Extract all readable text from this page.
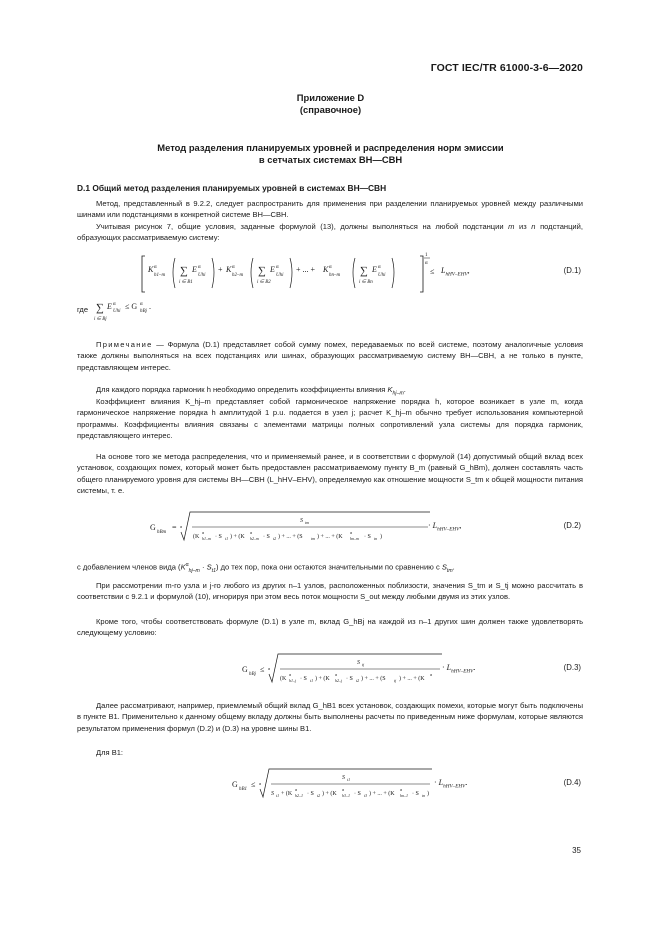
ГОСТ IEC/TR 61000-3-6—2020
Приложение D
(справочное)
Метод разделения планируемых уровней и распределения норм эмиссии
в сетчатых системах ВН—СВН
D.1 Общий метод разделения планируемых уровней в системах ВН—СВН
Метод, представленный в 9.2.2, следует распространить для применения при разделении планируемых уровней между различными шинами или подстанциями в конкретной системе ВН—СВН.
Учитывая рисунок 7, общие условия, заданные формулой (13), должны выполняться на любой подстанции m из n подстанций, образующих рассматриваемую систему:
K α
h1–m ∑
i ∈ B1
E α
Uhi
+ K α
h2–m ∑
i ∈ B2
E α
Uhi
+ ... + K α
hn–m ∑
i ∈ Bn
E α
Uhi
1
α
≤ $L_{hHV-EHV}$,	(D.1)
где ∑
i ∈ Bj
E α
Uhi
≤ G α
hBj
.
Примечание — Формула (D.1) представляет собой сумму помех, передаваемых по всей системе, поэтому аналогичные условия также должны выполняться на всех подстанциях или шинах, образующих рассматриваемую систему ВН—СВН, а не только в пункте, представляющем интерес.
Для каждого порядка гармоник h необходимо определить коэффициенты влияния $K_{hj-m}$.
Коэффициент влияния K_hj–m представляет собой гармоническое напряжение порядка h, которое возникает в узле m, когда гармоническое напряжение порядка h амплитудой 1 p.u. подается в узел j; расчет K_hj–m обычно требует использования компьютерной программы. Коэффициенты влияния связаны с элементами матрицы полных сопротивлений узла системы для порядка гармоник, представляющего интерес.
На основе того же метода распределения, что и применяемый ранее, и в соответствии с формулой (14) допустимый общий вклад всех установок, создающих помех, который может быть предоставлен рассматриваемому пункту B_m (равный G_hBm), должен составлять часть общего планируемого уровня для системы ВН—СВН (L_hHV–EHV), определяемую как отношение мощности S_tm к общей мощности питания системы, т. е.
G
hBm
= α
S tm
(K
α
h1–m · S t1 ) + (K
α
h2–m · S t2 ) + ... + (S tm ) + ... + (K
α
hn–m · S tn )
· $L_{hHV-EHV}$,	(D.2)
с добавлением членов вида $(K^\alpha_{hj-m} \cdot S_{t1})$ до тех пор, пока они остаются значительными по сравнению с $S_{tm}$.
При рассмотрении m-го узла и j-го любого из других n–1 узлов, расположенных поблизости, значения S_tm и S_tj можно рассчитать в соответствии с 9.2.1 и формулой (10), игнорируя при этом весь поток мощности S_out между любыми двумя из этих узлов.
Кроме того, чтобы соответствовать формуле (D.1) в узле m, вклад G_hBj на каждой из n–1 других шин должен также удовлетворять следующему условию:
G
hBj
≤ α
S tj
(K
α
h1–j · S t1 ) + (K
α
h2–j · S t2 ) + ... + (S tj ) + ... + (K
α
· $L_{hHV-EHV}$.	(D.3)
Далее рассматривают, например, приемлемый общий вклад G_hB1 всех установок, создающих помехи, которые могут быть подключены в пункте B1. Применительно к данному общему вкладу должны быть выполнены расчеты по приведенным ниже формулам, которые являются результатом применения формул (D.2) и (D.3) на уровне шины B1.
Для B1:
G
hB1
≤ α
S t1
S t1 + (K
α
h2–1 · S t2 ) + (K
α
h3–1 · S t3 ) + ... + (K
α
hn–1 · S tn )
· $L_{hHV-EHV}$.	(D.4)
35
